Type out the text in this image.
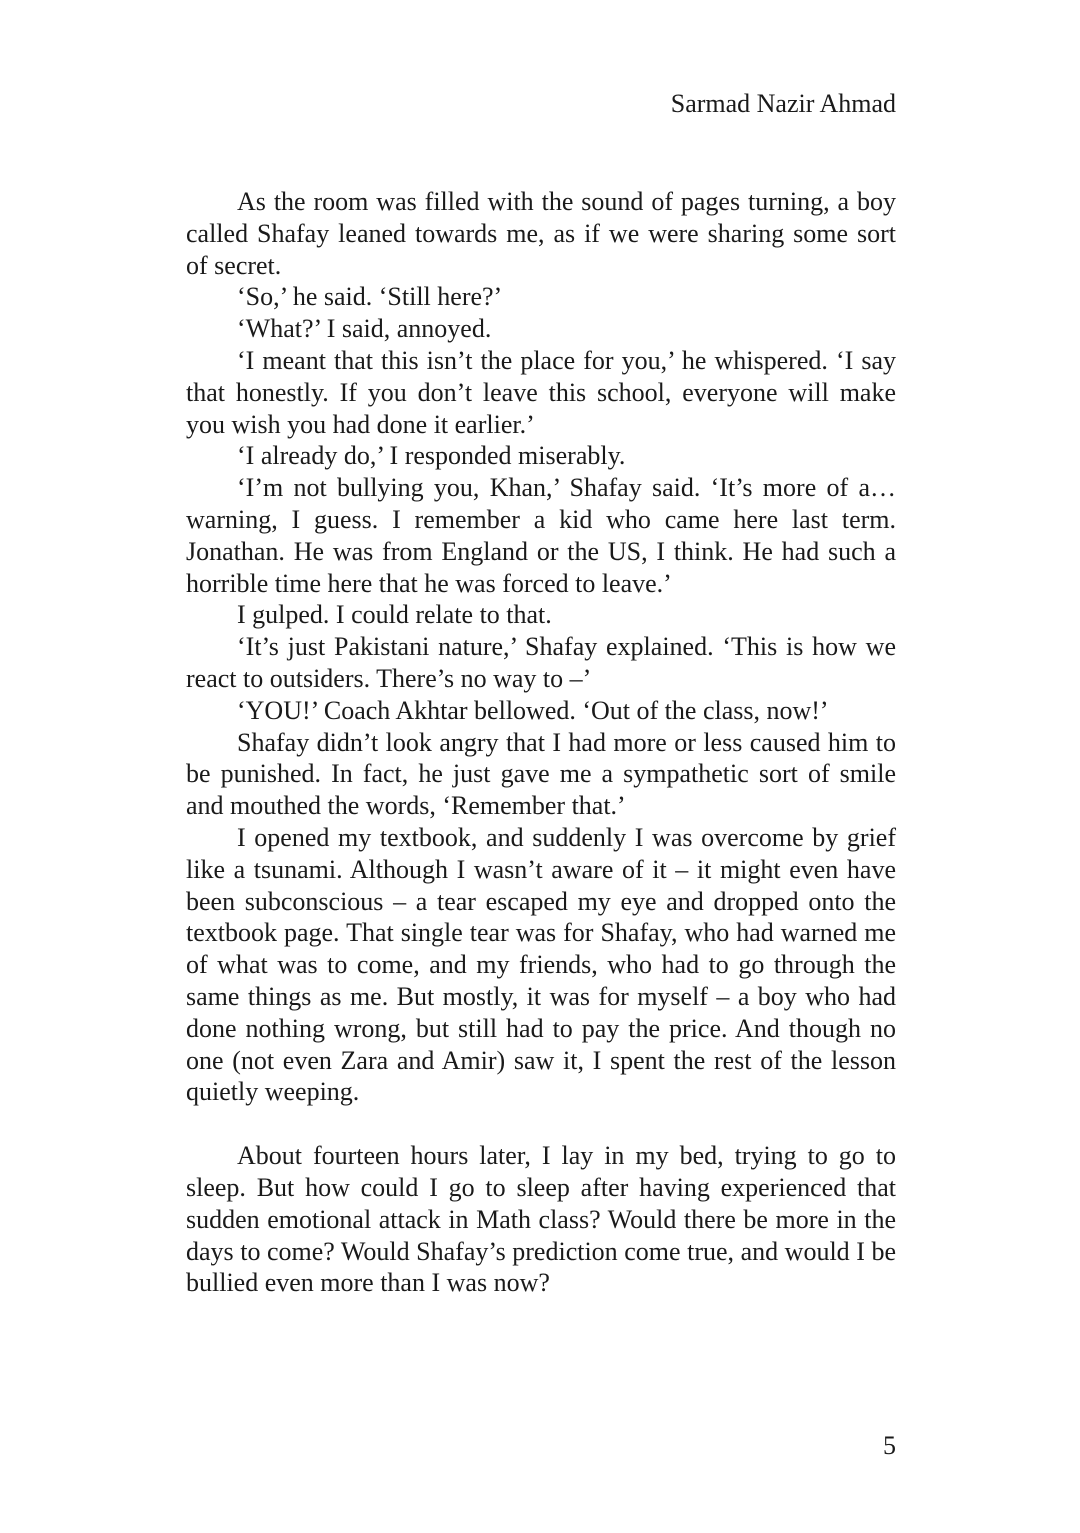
Sarmad Nazir Ahmad

As the room was filled with the sound of pages turning, a boy called Shafay leaned towards me, as if we were sharing some sort of secret.

‘So,’ he said. ‘Still here?’

‘What?’ I said, annoyed.

‘I meant that this isn’t the place for you,’ he whispered. ‘I say that honestly. If you don’t leave this school, everyone will make you wish you had done it earlier.’

‘I already do,’ I responded miserably.

‘I’m not bullying you, Khan,’ Shafay said. ‘It’s more of a…warning, I guess. I remember a kid who came here last term. Jonathan. He was from England or the US, I think. He had such a horrible time here that he was forced to leave.’

I gulped. I could relate to that.

‘It’s just Pakistani nature,’ Shafay explained. ‘This is how we react to outsiders. There’s no way to –’

‘YOU!’ Coach Akhtar bellowed. ‘Out of the class, now!’

Shafay didn’t look angry that I had more or less caused him to be punished. In fact, he just gave me a sympathetic sort of smile and mouthed the words, ‘Remember that.’

I opened my textbook, and suddenly I was overcome by grief like a tsunami. Although I wasn’t aware of it – it might even have been subconscious – a tear escaped my eye and dropped onto the textbook page. That single tear was for Shafay, who had warned me of what was to come, and my friends, who had to go through the same things as me. But mostly, it was for myself – a boy who had done nothing wrong, but still had to pay the price. And though no one (not even Zara and Amir) saw it, I spent the rest of the lesson quietly weeping.

About fourteen hours later, I lay in my bed, trying to go to sleep. But how could I go to sleep after having experienced that sudden emotional attack in Math class? Would there be more in the days to come? Would Shafay’s prediction come true, and would I be bullied even more than I was now?

5
